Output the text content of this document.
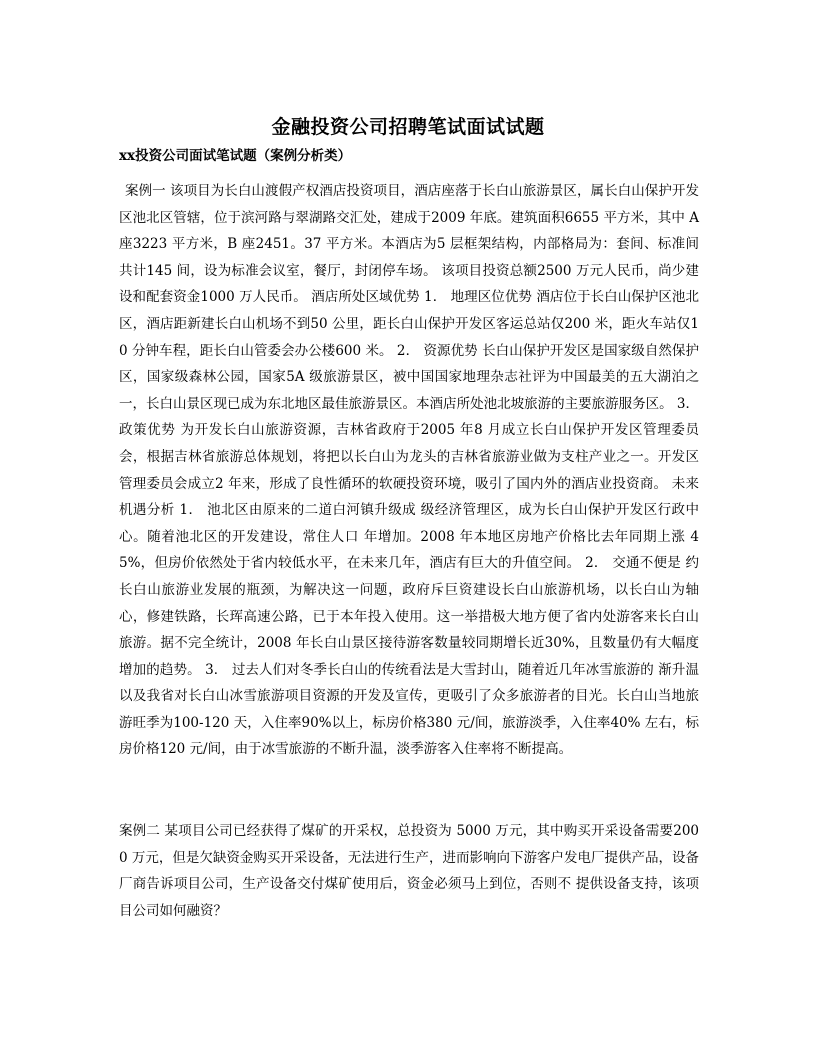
金融投资公司招聘笔试面试试题
xx投资公司面试笔试题（案例分析类）
案例一 该项目为长白山渡假产权酒店投资项目，酒店座落于长白山旅游景区，属长白山保护开发区池北区管辖，位于滨河路与翠湖路交汇处，建成于2009 年底。建筑面积6655 平方米，其中 A 座3223 平方米，B 座2451。37 平方米。本酒店为5 层框架结构，内部格局为：套间、标准间共计145 间，设为标准会议室，餐厅，封闭停车场。 该项目投资总额2500 万元人民币，尚少建设和配套资金1000 万人民币。 酒店所处区域优势 1． 地理区位优势 酒店位于长白山保护区池北区，酒店距新建长白山机场不到50 公里，距长白山保护开发区客运总站仅200 米，距火车站仅10 分钟车程，距长白山管委会办公楼600 米。 2． 资源优势 长白山保护开发区是国家级自然保护区，国家级森林公园，国家5A 级旅游景区，被中国国家地理杂志社评为中国最美的五大湖泊之一，长白山景区现已成为东北地区最佳旅游景区。本酒店所处池北坡旅游的主要旅游服务区。 3． 政策优势 为开发长白山旅游资源，吉林省政府于2005 年8 月成立长白山保护开发区管理委员会，根据吉林省旅游总体规划，将把以长白山为龙头的吉林省旅游业做为支柱产业之一。开发区管理委员会成立2 年来，形成了良性循环的软硬投资环境，吸引了国内外的酒店业投资商。 未来机遇分析 1． 池北区由原来的二道白河镇升级成 级经济管理区，成为长白山保护开发区行政中心。随着池北区的开发建设，常住人口 年增加。2008 年本地区房地产价格比去年同期上涨 45%，但房价依然处于省内较低水平，在未来几年，酒店有巨大的升值空间。 2． 交通不便是 约长白山旅游业发展的瓶颈，为解决这一问题，政府斥巨资建设长白山旅游机场，以长白山为轴心，修建铁路，长珲高速公路，已于本年投入使用。这一举措极大地方便了省内处游客来长白山旅游。据不完全统计，2008 年长白山景区接待游客数量较同期增长近30%，且数量仍有大幅度增加的趋势。 3． 过去人们对冬季长白山的传统看法是大雪封山，随着近几年冰雪旅游的 渐升温以及我省对长白山冰雪旅游项目资源的开发及宣传，更吸引了众多旅游者的目光。长白山当地旅游旺季为100-120 天，入住率90%以上，标房价格380 元/间，旅游淡季，入住率40% 左右，标房价格120 元/间，由于冰雪旅游的不断升温，淡季游客入住率将不断提高。
案例二 某项目公司已经获得了煤矿的开采权，总投资为 5000 万元，其中购买开采设备需要2000 万元，但是欠缺资金购买开采设备，无法进行生产，进而影响向下游客户发电厂提供产品，设备厂商告诉项目公司，生产设备交付煤矿使用后，资金必须马上到位，否则不 提供设备支持，该项目公司如何融资？
